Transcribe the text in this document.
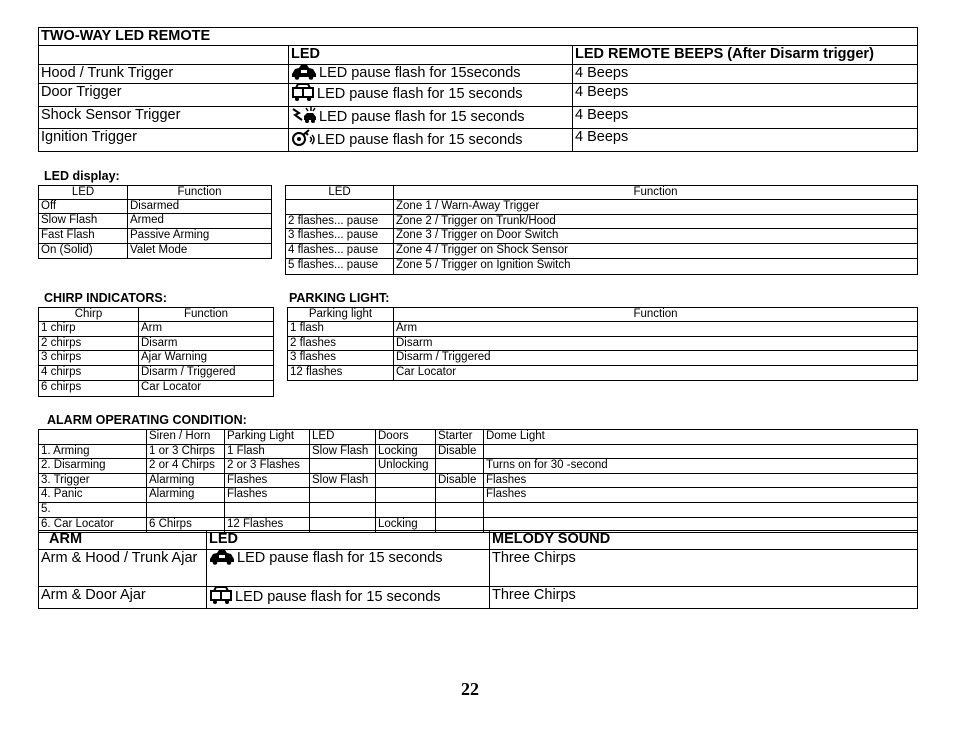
TWO-WAY LED REMOTE		
	LED	LED REMOTE BEEPS (After Disarm trigger)
Hood / Trunk Trigger	LED pause flash for 15seconds	4 Beeps
Door Trigger	LED pause flash for 15 seconds	4 Beeps
Shock Sensor Trigger	LED pause flash for 15 seconds	4 Beeps
Ignition Trigger	LED pause flash for 15 seconds	4 Beeps
LED display:
LED	Function
Off	Disarmed
Slow Flash	Armed
Fast Flash	Passive Arming
On (Solid)	Valet Mode
LED	Function
	Zone 1 / Warn-Away Trigger
2 flashes... pause	Zone 2 / Trigger on Trunk/Hood
3 flashes... pause	Zone 3 / Trigger on Door Switch
4 flashes... pause	Zone 4 / Trigger on Shock Sensor
5 flashes... pause	Zone 5 / Trigger on Ignition Switch
CHIRP INDICATORS:
Chirp	Function
1 chirp	Arm
2 chirps	Disarm
3 chirps	Ajar Warning
4 chirps	Disarm / Triggered
6 chirps	Car Locator
PARKING LIGHT:
Parking light	Function
1 flash	Arm
2 flashes	Disarm
3 flashes	Disarm / Triggered
12 flashes	Car Locator
ALARM OPERATING CONDITION:
	Siren / Horn	Parking Light	LED	Doors	Starter	Dome Light
1. Arming	1 or 3 Chirps	1 Flash	Slow Flash	Locking	Disable	
2. Disarming	2 or 4 Chirps	2 or 3 Flashes		Unlocking		Turns on for 30 -second
3. Trigger	Alarming	Flashes	Slow Flash		Disable	Flashes
4. Panic	Alarming	Flashes				Flashes
5.						
6. Car Locator	6 Chirps	12 Flashes		Locking		
ARM	LED	MELODY SOUND

Arm & Hood / Trunk Ajar	LED pause flash for 15 seconds	Three Chirps
Arm & Door Ajar	LED pause flash for 15 seconds	Three Chirps
22
